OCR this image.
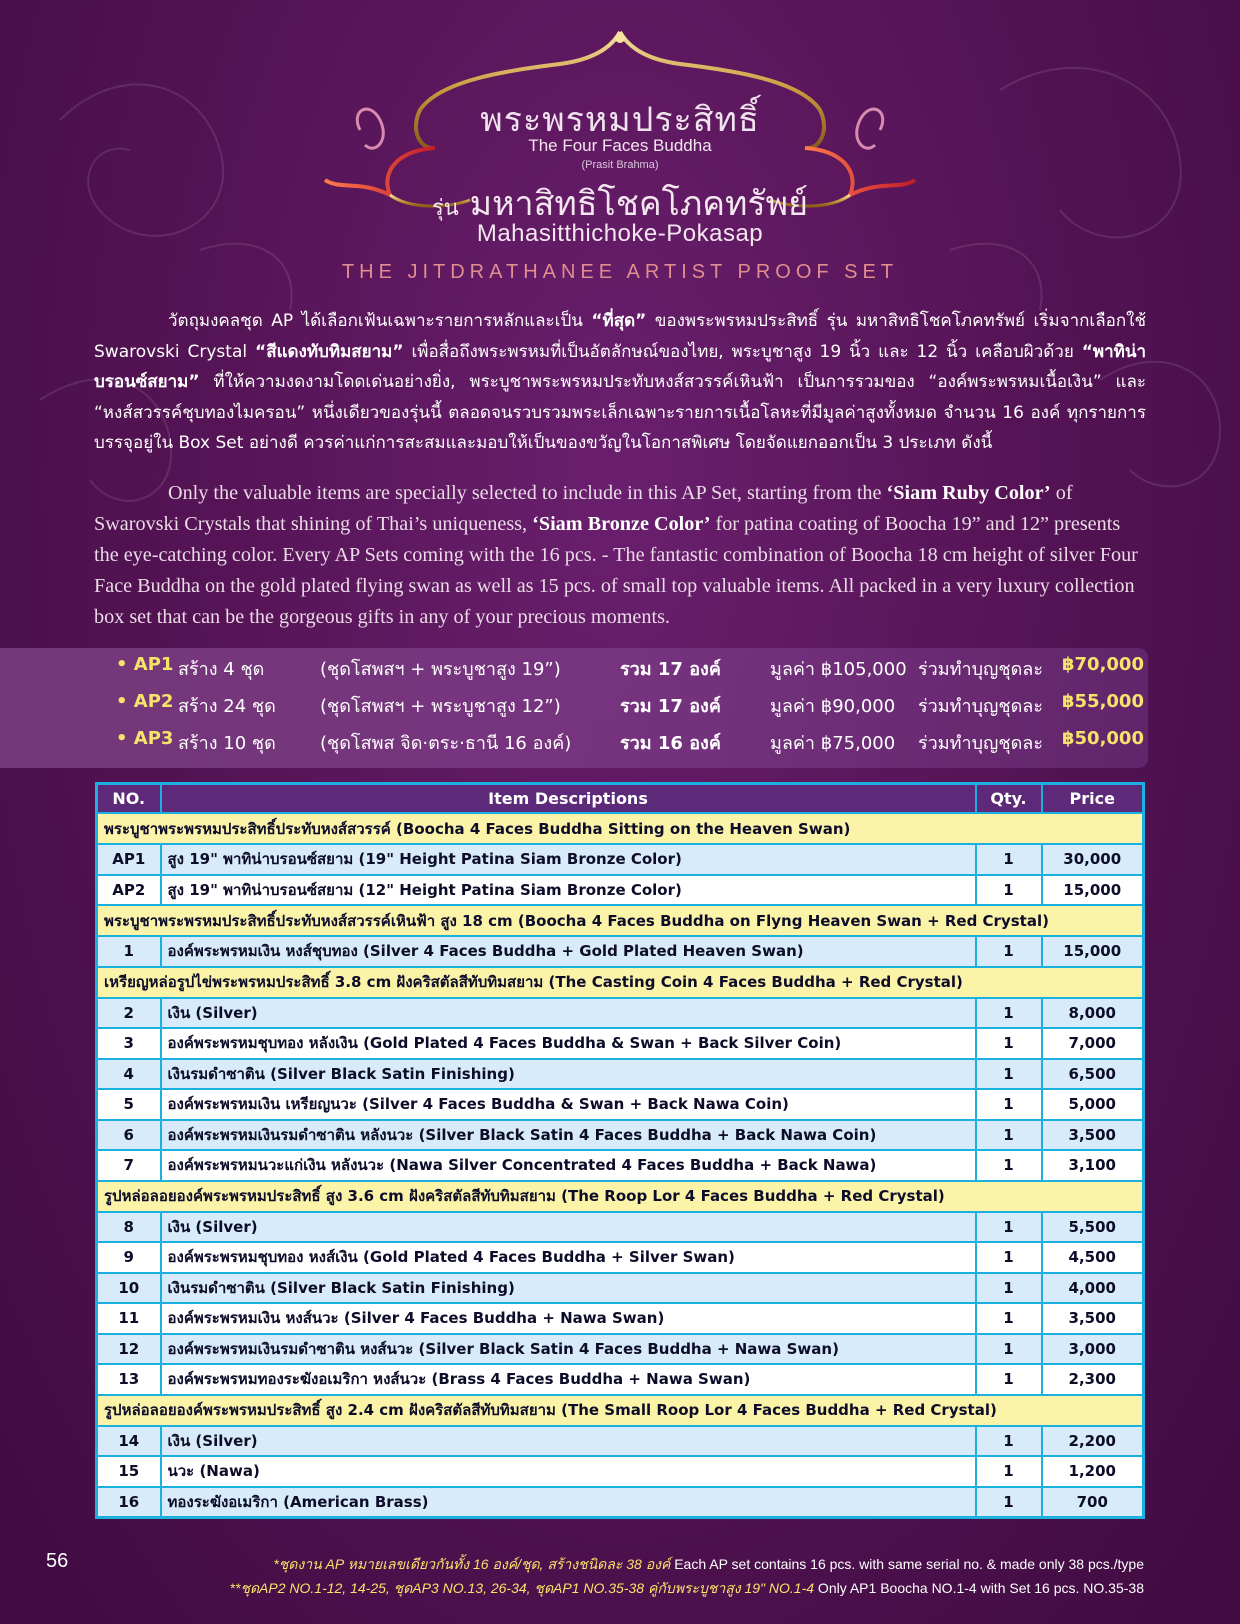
พระพรหมประสิทธิ์
The Four Faces Buddha
(Prasit Brahma)
รุ่น มหาสิทธิโชคโภคทรัพย์
Mahasitthichoke-Pokasap
THE JITDRATHANEE ARTIST PROOF SET
วัตถุมงคลชุด AP ได้เลือกเฟ้นเฉพาะรายการหลักและเป็น “ที่สุด” ของพระพรหมประสิทธิ์ รุ่น มหาสิทธิโชคโภคทรัพย์ เริ่มจากเลือกใช้ Swarovski Crystal “สีแดงทับทิมสยาม” เพื่อสื่อถึงพระพรหมที่เป็นอัตลักษณ์ของไทย, พระบูชาสูง 19 นิ้ว และ 12 นิ้ว เคลือบผิวด้วย “พาทิน่าบรอนซ์สยาม” ที่ให้ความงดงามโดดเด่นอย่างยิ่ง, พระบูชาพระพรหมประทับหงส์สวรรค์เหินฟ้า เป็นการรวมของ “องค์พระพรหมเนื้อเงิน” และ “หงส์สวรรค์ชุบทองไมครอน” หนึ่งเดียวของรุ่นนี้ ตลอดจนรวบรวมพระเล็กเฉพาะรายการเนื้อโลหะที่มีมูลค่าสูงทั้งหมด จำนวน 16 องค์ ทุกรายการบรรจุอยู่ใน Box Set อย่างดี ควรค่าแก่การสะสมและมอบให้เป็นของขวัญในโอกาสพิเศษ โดยจัดแยกออกเป็น 3 ประเภท ดังนี้
Only the valuable items are specially selected to include in this AP Set, starting from the ‘Siam Ruby Color’ of Swarovski Crystals that shining of Thai’s uniqueness, ‘Siam Bronze Color’ for patina coating of Boocha 19” and 12” presents the eye-catching color. Every AP Sets coming with the 16 pcs. - The fantastic combination of Boocha 18 cm height of silver Four Face Buddha on the gold plated flying swan as well as 15 pcs. of small top valuable items. All packed in a very luxury collection box set that can be the gorgeous gifts in any of your precious moments.
• AP1 สร้าง 4 ชุด	(ชุดโสพสฯ + พระบูชาสูง 19”)	รวม 17 องค์	มูลค่า ฿105,000 ร่วมทำบุญชุดละ ฿70,000
• AP2 สร้าง 24 ชุด (ชุดโสพสฯ + พระบูชาสูง 12”)	รวม 17 องค์	มูลค่า ฿90,000 ร่วมทำบุญชุดละ ฿55,000
• AP3 สร้าง 10 ชุด (ชุดโสพส จิด·ตระ·ธานี 16 องค์)	รวม 16 องค์	มูลค่า ฿75,000 ร่วมทำบุญชุดละ ฿50,000
NO.	Item Descriptions	Qty.	Price
พระบูชาพระพรหมประสิทธิ์ประทับหงส์สวรรค์ (Boocha 4 Faces Buddha Sitting on the Heaven Swan)			
AP1	สูง 19" พาทิน่าบรอนซ์สยาม (19" Height Patina Siam Bronze Color)	1	30,000
AP2	สูง 19" พาทิน่าบรอนซ์สยาม (12" Height Patina Siam Bronze Color)	1	15,000
พระบูชาพระพรหมประสิทธิ์ประทับหงส์สวรรค์เหินฟ้า สูง 18 cm (Boocha 4 Faces Buddha on Flyng Heaven Swan + Red Crystal)			
1	องค์พระพรหมเงิน หงส์ชุบทอง (Silver 4 Faces Buddha + Gold Plated Heaven Swan)	1	15,000
เหรียญหล่อรูปไข่พระพรหมประสิทธิ์ 3.8 cm ฝังคริสตัลสีทับทิมสยาม (The Casting Coin 4 Faces Buddha + Red Crystal)			
2	เงิน (Silver)	1	8,000
3	องค์พระพรหมชุบทอง หลังเงิน (Gold Plated 4 Faces Buddha & Swan + Back Silver Coin)	1	7,000
4	เงินรมดำซาติน (Silver Black Satin Finishing)	1	6,500
5	องค์พระพรหมเงิน เหรียญนวะ (Silver 4 Faces Buddha & Swan + Back Nawa Coin)	1	5,000
6	องค์พระพรหมเงินรมดำซาติน หลังนวะ (Silver Black Satin 4 Faces Buddha + Back Nawa Coin)	1	3,500
7	องค์พระพรหมนวะแก่เงิน หลังนวะ (Nawa Silver Concentrated 4 Faces Buddha + Back Nawa)	1	3,100
รูปหล่อลอยองค์พระพรหมประสิทธิ์ สูง 3.6 cm ฝังคริสตัลสีทับทิมสยาม (The Roop Lor 4 Faces Buddha + Red Crystal)			
8	เงิน (Silver)	1	5,500
9	องค์พระพรหมชุบทอง หงส์เงิน (Gold Plated 4 Faces Buddha + Silver Swan)	1	4,500
10	เงินรมดำซาติน (Silver Black Satin Finishing)	1	4,000
11	องค์พระพรหมเงิน หงส์นวะ (Silver 4 Faces Buddha + Nawa Swan)	1	3,500
12	องค์พระพรหมเงินรมดำซาติน หงส์นวะ (Silver Black Satin 4 Faces Buddha + Nawa Swan)	1	3,000
13	องค์พระพรหมทองระฆังอเมริกา หงส์นวะ (Brass 4 Faces Buddha + Nawa Swan)	1	2,300
รูปหล่อลอยองค์พระพรหมประสิทธิ์ สูง 2.4 cm ฝังคริสตัลสีทับทิมสยาม (The Small Roop Lor 4 Faces Buddha + Red Crystal)			
14	เงิน (Silver)	1	2,200
15	นวะ (Nawa)	1	1,200
16	ทองระฆังอเมริกา (American Brass)	1	700
56	*ชุดงาน AP หมายเลขเดียวกันทั้ง 16 องค์/ชุด, สร้างชนิดละ 38 องค์ Each AP set contains 16 pcs. with same serial no. & made only 38 pcs./type
**ชุดAP2 NO.1-12, 14-25, ชุดAP3 NO.13, 26-34, ชุดAP1 NO.35-38 คู่กับพระบูชาสูง 19" NO.1-4 Only AP1 Boocha NO.1-4 with Set 16 pcs. NO.35-38
